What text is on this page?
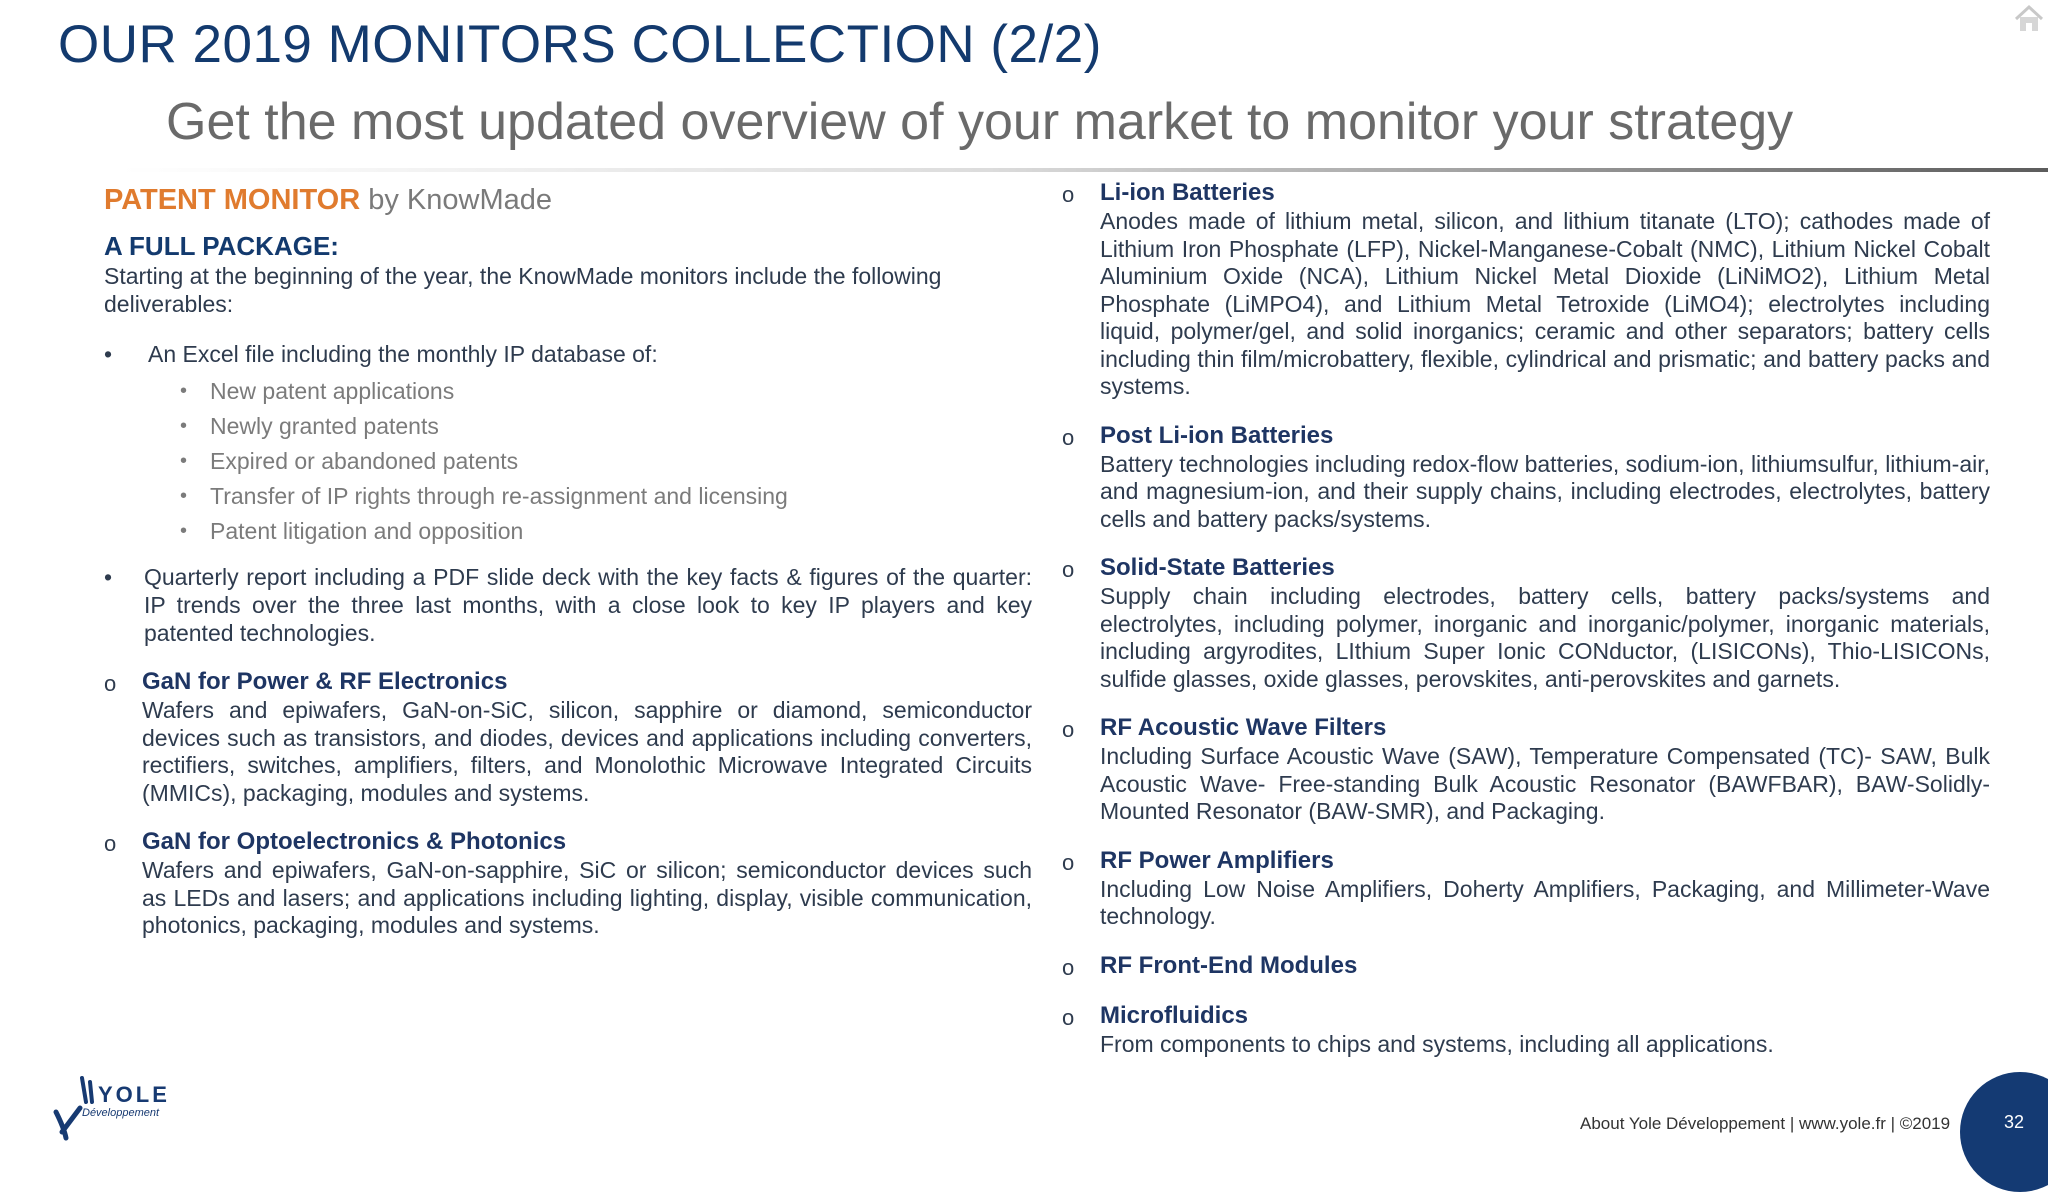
OUR 2019 MONITORS COLLECTION (2/2)
Get the most updated overview of your market to monitor your strategy
PATENT MONITOR by KnowMade
A FULL PACKAGE:
Starting at the beginning of the year, the KnowMade monitors include the following deliverables:
• An Excel file including the monthly IP database of:
• New patent applications
• Newly granted patents
• Expired or abandoned patents
• Transfer of IP rights through re-assignment and licensing
• Patent litigation and opposition
• Quarterly report including a PDF slide deck with the key facts & figures of the quarter: IP trends over the three last months, with a close look to key IP players and key patented technologies.
o GaN for Power & RF Electronics
Wafers and epiwafers, GaN-on-SiC, silicon, sapphire or diamond, semiconductor devices such as transistors, and diodes, devices and applications including converters, rectifiers, switches, amplifiers, filters, and Monolothic Microwave Integrated Circuits (MMICs), packaging, modules and systems.
o GaN for Optoelectronics & Photonics
Wafers and epiwafers, GaN-on-sapphire, SiC or silicon; semiconductor devices such as LEDs and lasers; and applications including lighting, display, visible communication, photonics, packaging, modules and systems.
o Li-ion Batteries
Anodes made of lithium metal, silicon, and lithium titanate (LTO); cathodes made of Lithium Iron Phosphate (LFP), Nickel-Manganese-Cobalt (NMC), Lithium Nickel Cobalt Aluminium Oxide (NCA), Lithium Nickel Metal Dioxide (LiNiMO2), Lithium Metal Phosphate (LiMPO4), and Lithium Metal Tetroxide (LiMO4); electrolytes including liquid, polymer/gel, and solid inorganics; ceramic and other separators; battery cells including thin film/microbattery, flexible, cylindrical and prismatic; and battery packs and systems.
o Post Li-ion Batteries
Battery technologies including redox-flow batteries, sodium-ion, lithiumsulfur, lithium-air, and magnesium-ion, and their supply chains, including electrodes, electrolytes, battery cells and battery packs/systems.
o Solid-State Batteries
Supply chain including electrodes, battery cells, battery packs/systems and electrolytes, including polymer, inorganic and inorganic/polymer, inorganic materials, including argyrodites, LIthium Super Ionic CONductor, (LISICONs), Thio-LISICONs, sulfide glasses, oxide glasses, perovskites, anti-perovskites and garnets.
o RF Acoustic Wave Filters
Including Surface Acoustic Wave (SAW), Temperature Compensated (TC)- SAW, Bulk Acoustic Wave- Free-standing Bulk Acoustic Resonator (BAWFBAR), BAW-Solidly-Mounted Resonator (BAW-SMR), and Packaging.
o RF Power Amplifiers
Including Low Noise Amplifiers, Doherty Amplifiers, Packaging, and Millimeter-Wave technology.
o RF Front-End Modules
o Microfluidics
From components to chips and systems, including all applications.
YOLE
Développement
About Yole Développement | www.yole.fr | ©2019	32
